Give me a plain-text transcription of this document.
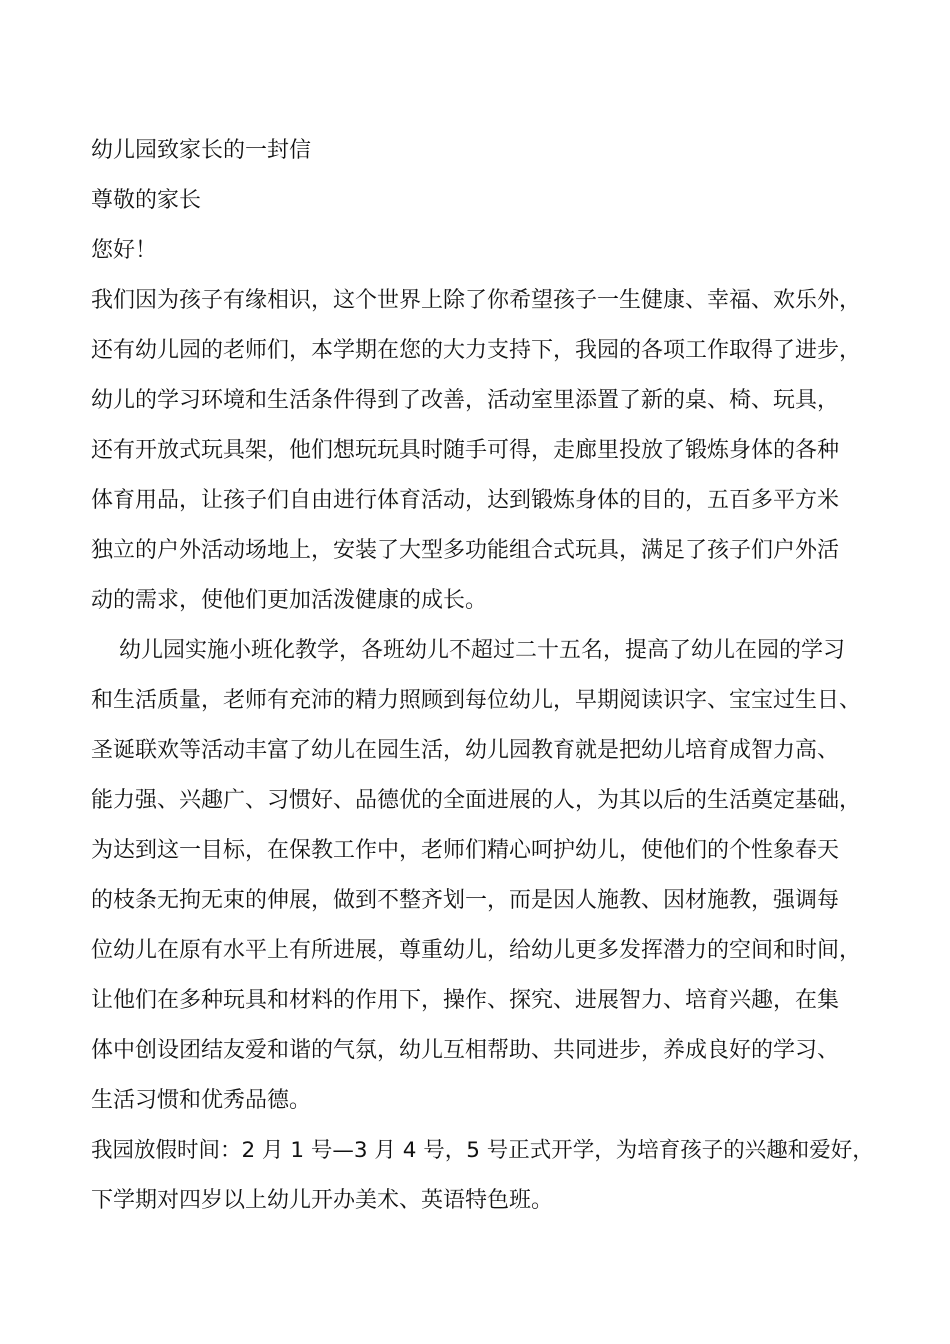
幼儿园致家长的一封信
尊敬的家长
您好！
我们因为孩子有缘相识，这个世界上除了你希望孩子一生健康、幸福、欢乐外，
还有幼儿园的老师们，本学期在您的大力支持下，我园的各项工作取得了进步，
幼儿的学习环境和生活条件得到了改善，活动室里添置了新的桌、椅、玩具，
还有开放式玩具架，他们想玩玩具时随手可得，走廊里投放了锻炼身体的各种
体育用品，让孩子们自由进行体育活动，达到锻炼身体的目的，五百多平方米
独立的户外活动场地上，安装了大型多功能组合式玩具，满足了孩子们户外活
动的需求，使他们更加活泼健康的成长。
幼儿园实施小班化教学，各班幼儿不超过二十五名，提高了幼儿在园的学习
和生活质量，老师有充沛的精力照顾到每位幼儿，早期阅读识字、宝宝过生日、
圣诞联欢等活动丰富了幼儿在园生活，幼儿园教育就是把幼儿培育成智力高、
能力强、兴趣广、习惯好、品德优的全面进展的人，为其以后的生活奠定基础，
为达到这一目标，在保教工作中，老师们精心呵护幼儿，使他们的个性象春天
的枝条无拘无束的伸展，做到不整齐划一，而是因人施教、因材施教，强调每
位幼儿在原有水平上有所进展，尊重幼儿，给幼儿更多发挥潜力的空间和时间，
让他们在多种玩具和材料的作用下，操作、探究、进展智力、培育兴趣，在集
体中创设团结友爱和谐的气氛，幼儿互相帮助、共同进步，养成良好的学习、
生活习惯和优秀品德。
我园放假时间：2 月 1 号—3 月 4 号，5 号正式开学，为培育孩子的兴趣和爱好，
下学期对四岁以上幼儿开办美术、英语特色班。
